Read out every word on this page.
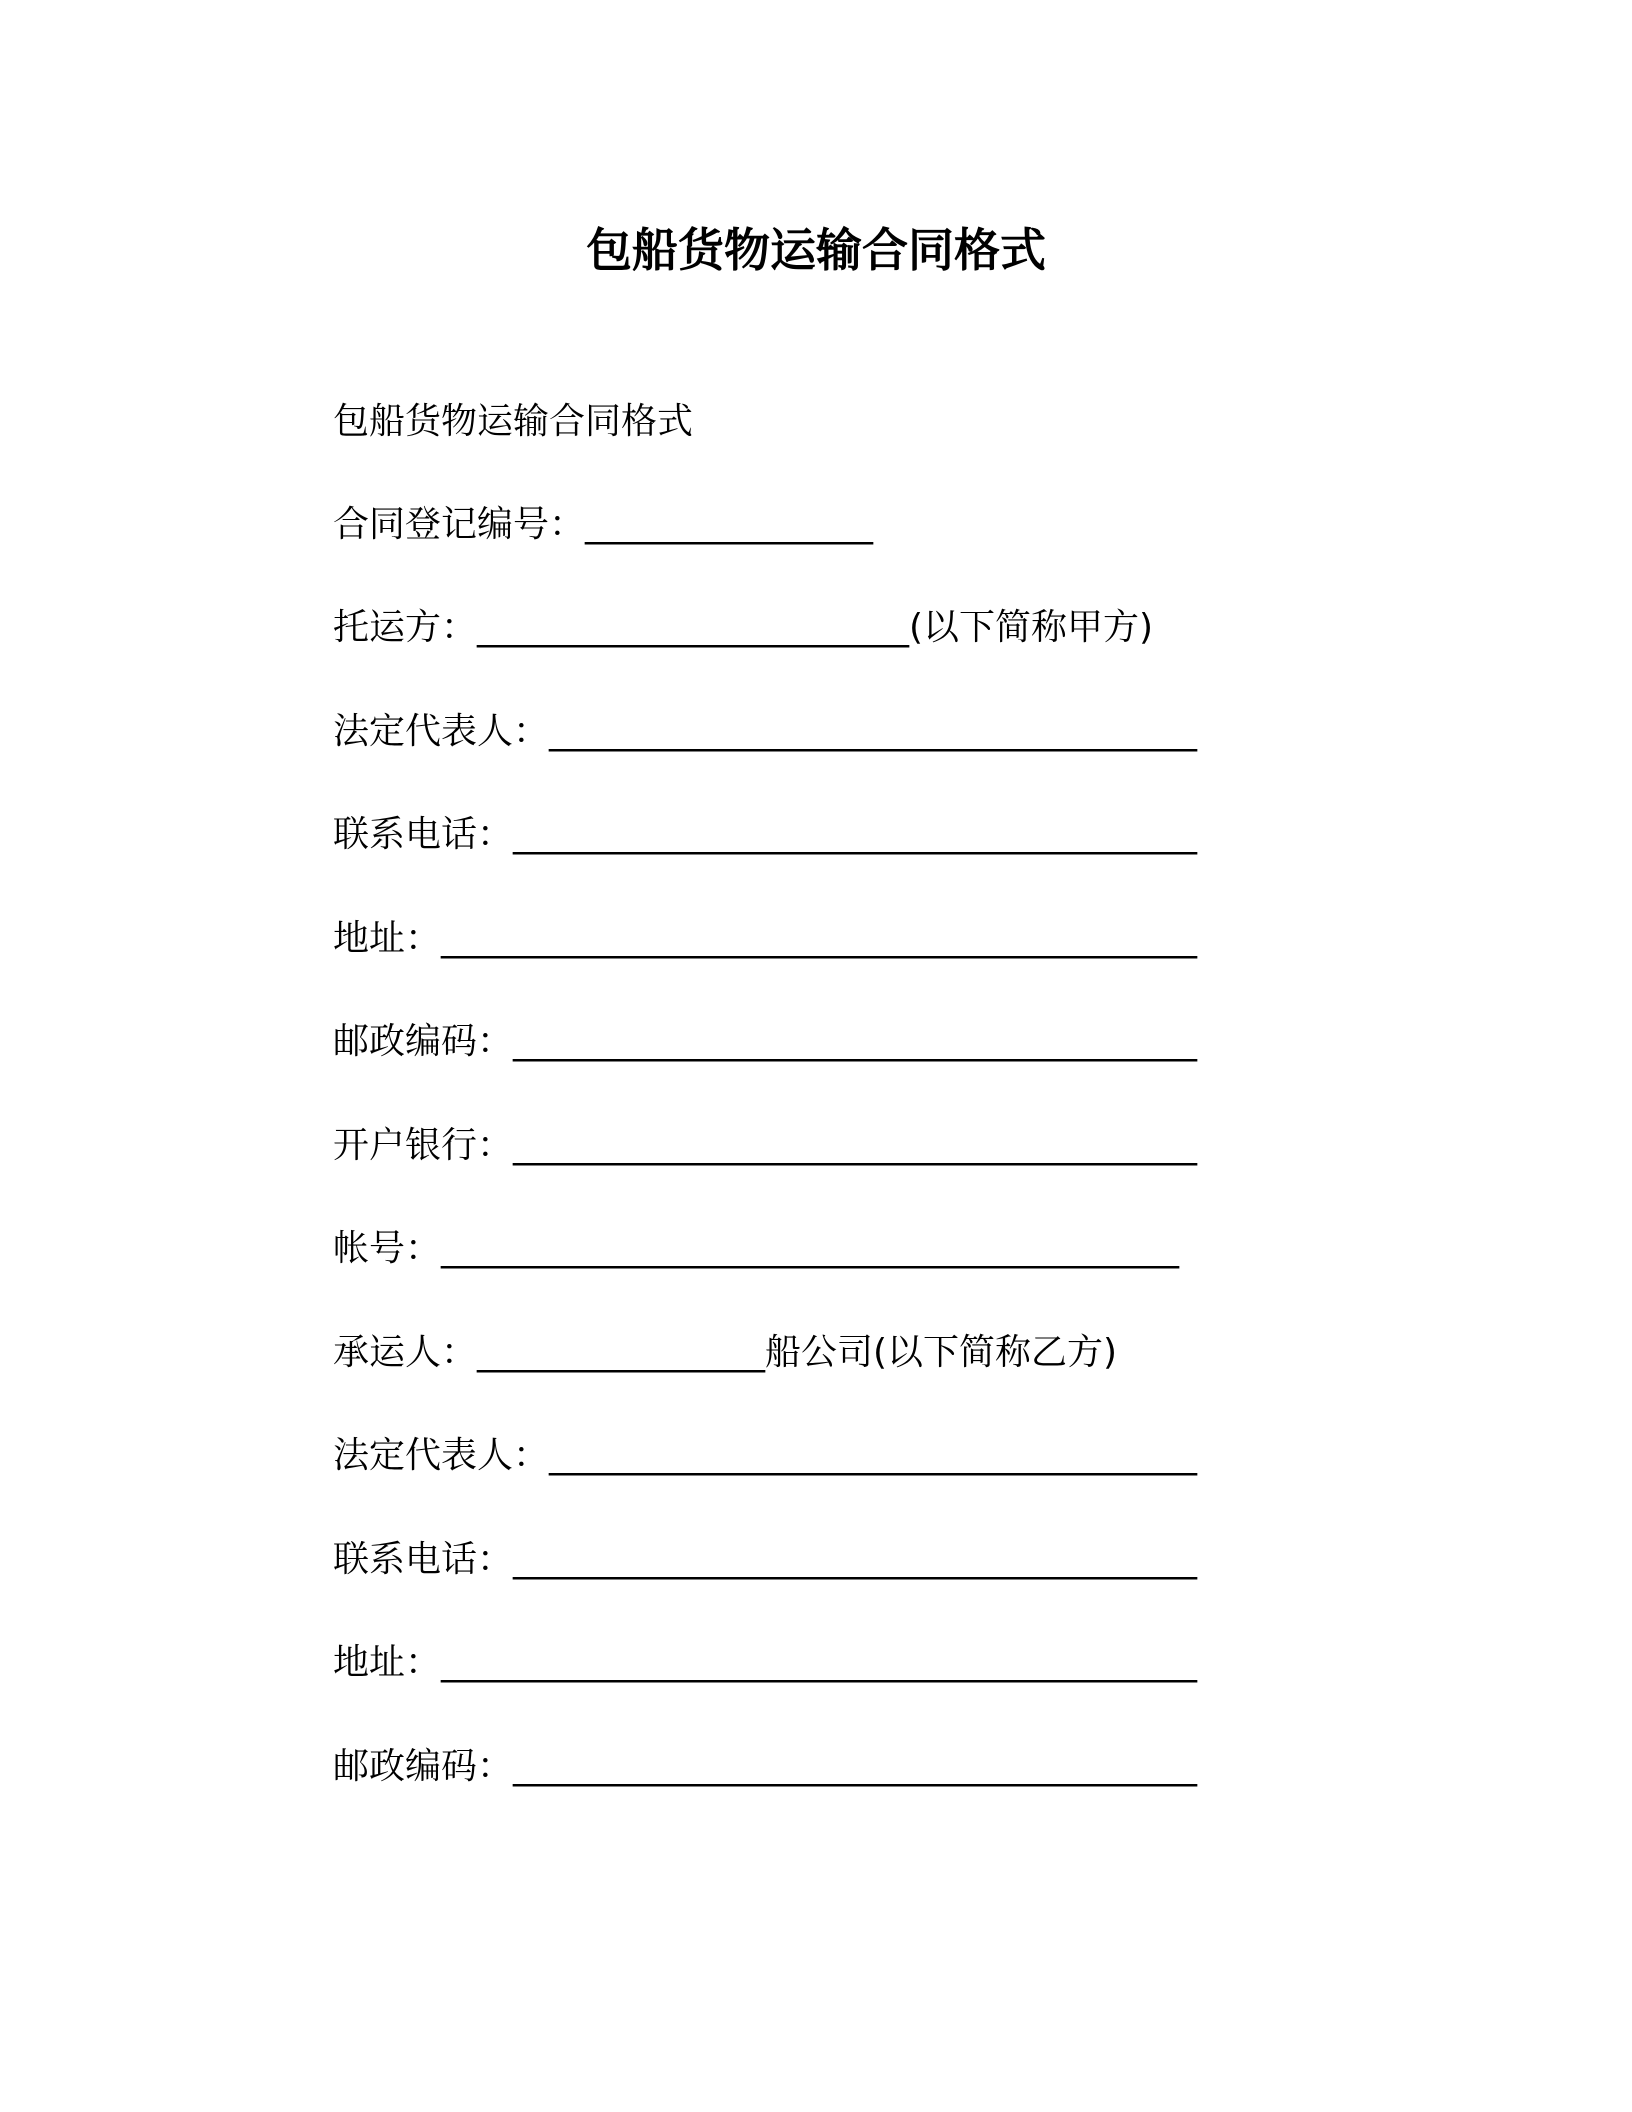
包船货物运输合同格式
包船货物运输合同格式
合同登记编号：________________
托运方：________________________(以下简称甲方)
法定代表人：____________________________________
联系电话：______________________________________
地址：__________________________________________
邮政编码：______________________________________
开户银行：______________________________________
帐号：_________________________________________
承运人：________________船公司(以下简称乙方)
法定代表人：____________________________________
联系电话：______________________________________
地址：__________________________________________
邮政编码：______________________________________
